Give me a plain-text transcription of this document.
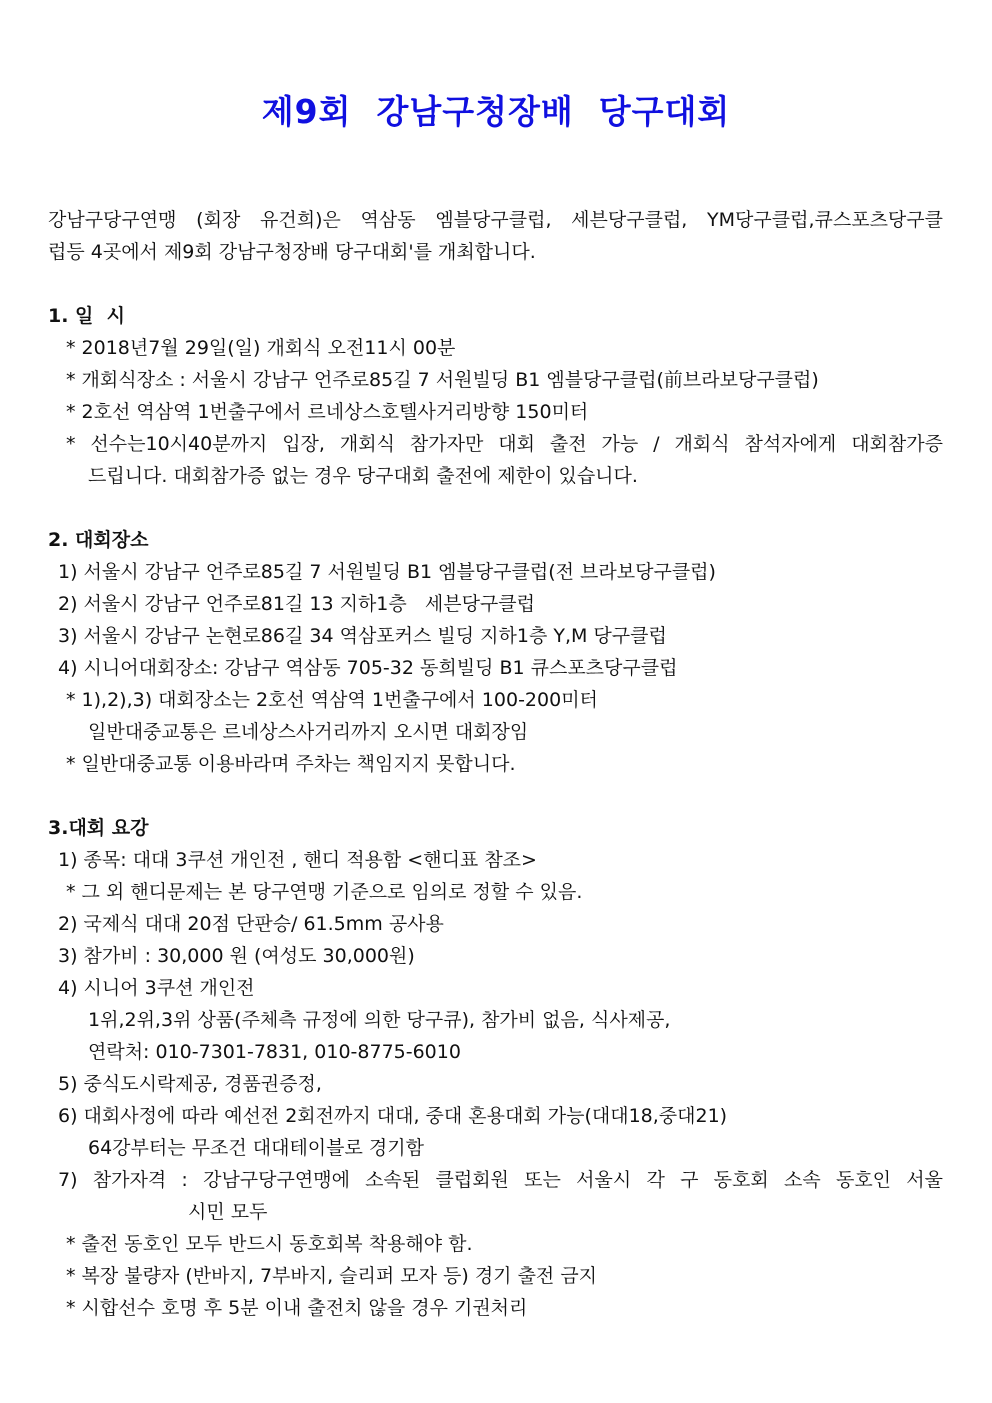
제9회  강남구청장배  당구대회
강남구당구연맹 (회장 유건희)은 역삼동 엠블당구클럽, 세븐당구클럽, YM당구클럽,큐스포츠당구클
럽등 4곳에서 제9회 강남구청장배 당구대회'를 개최합니다.
1. 일  시
* 2018년7월 29일(일) 개회식 오전11시 00분
* 개회식장소 : 서울시 강남구 언주로85길 7 서원빌딩 B1 엠블당구클럽(前브라보당구클럽)
* 2호선 역삼역 1번출구에서 르네상스호텔사거리방향 150미터
* 선수는10시40분까지 입장, 개회식 참가자만 대회 출전 가능 / 개회식 참석자에게 대회참가증
드립니다. 대회참가증 없는 경우 당구대회 출전에 제한이 있습니다.
2. 대회장소
1) 서울시 강남구 언주로85길 7 서원빌딩 B1 엠블당구클럽(전 브라보당구클럽)
2) 서울시 강남구 언주로81길 13 지하1층   세븐당구클럽
3) 서울시 강남구 논현로86길 34 역삼포커스 빌딩 지하1층 Y,M 당구클럽
4) 시니어대회장소: 강남구 역삼동 705-32 동희빌딩 B1 큐스포츠당구클럽
* 1),2),3) 대회장소는 2호선 역삼역 1번출구에서 100-200미터
일반대중교통은 르네상스사거리까지 오시면 대회장임
* 일반대중교통 이용바라며 주차는 책임지지 못합니다.
3.대회 요강
1) 종목: 대대 3쿠션 개인전 , 핸디 적용함 <핸디표 참조>
* 그 외 핸디문제는 본 당구연맹 기준으로 임의로 정할 수 있음.
2) 국제식 대대 20점 단판승/ 61.5mm 공사용
3) 참가비 : 30,000 원 (여성도 30,000원)
4) 시니어 3쿠션 개인전
1위,2위,3위 상품(주체측 규정에 의한 당구큐), 참가비 없음, 식사제공,
연락처: 010-7301-7831, 010-8775-6010
5) 중식도시락제공, 경품권증정,
6) 대회사정에 따라 예선전 2회전까지 대대, 중대 혼용대회 가능(대대18,중대21)
64강부터는 무조건 대대테이블로 경기함
7) 참가자격 : 강남구당구연맹에 소속된 클럽회원 또는 서울시 각 구 동호회 소속 동호인 서울
시민 모두
* 출전 동호인 모두 반드시 동호회복 착용해야 함.
* 복장 불량자 (반바지, 7부바지, 슬리퍼 모자 등) 경기 출전 금지
* 시합선수 호명 후 5분 이내 출전치 않을 경우 기권처리
